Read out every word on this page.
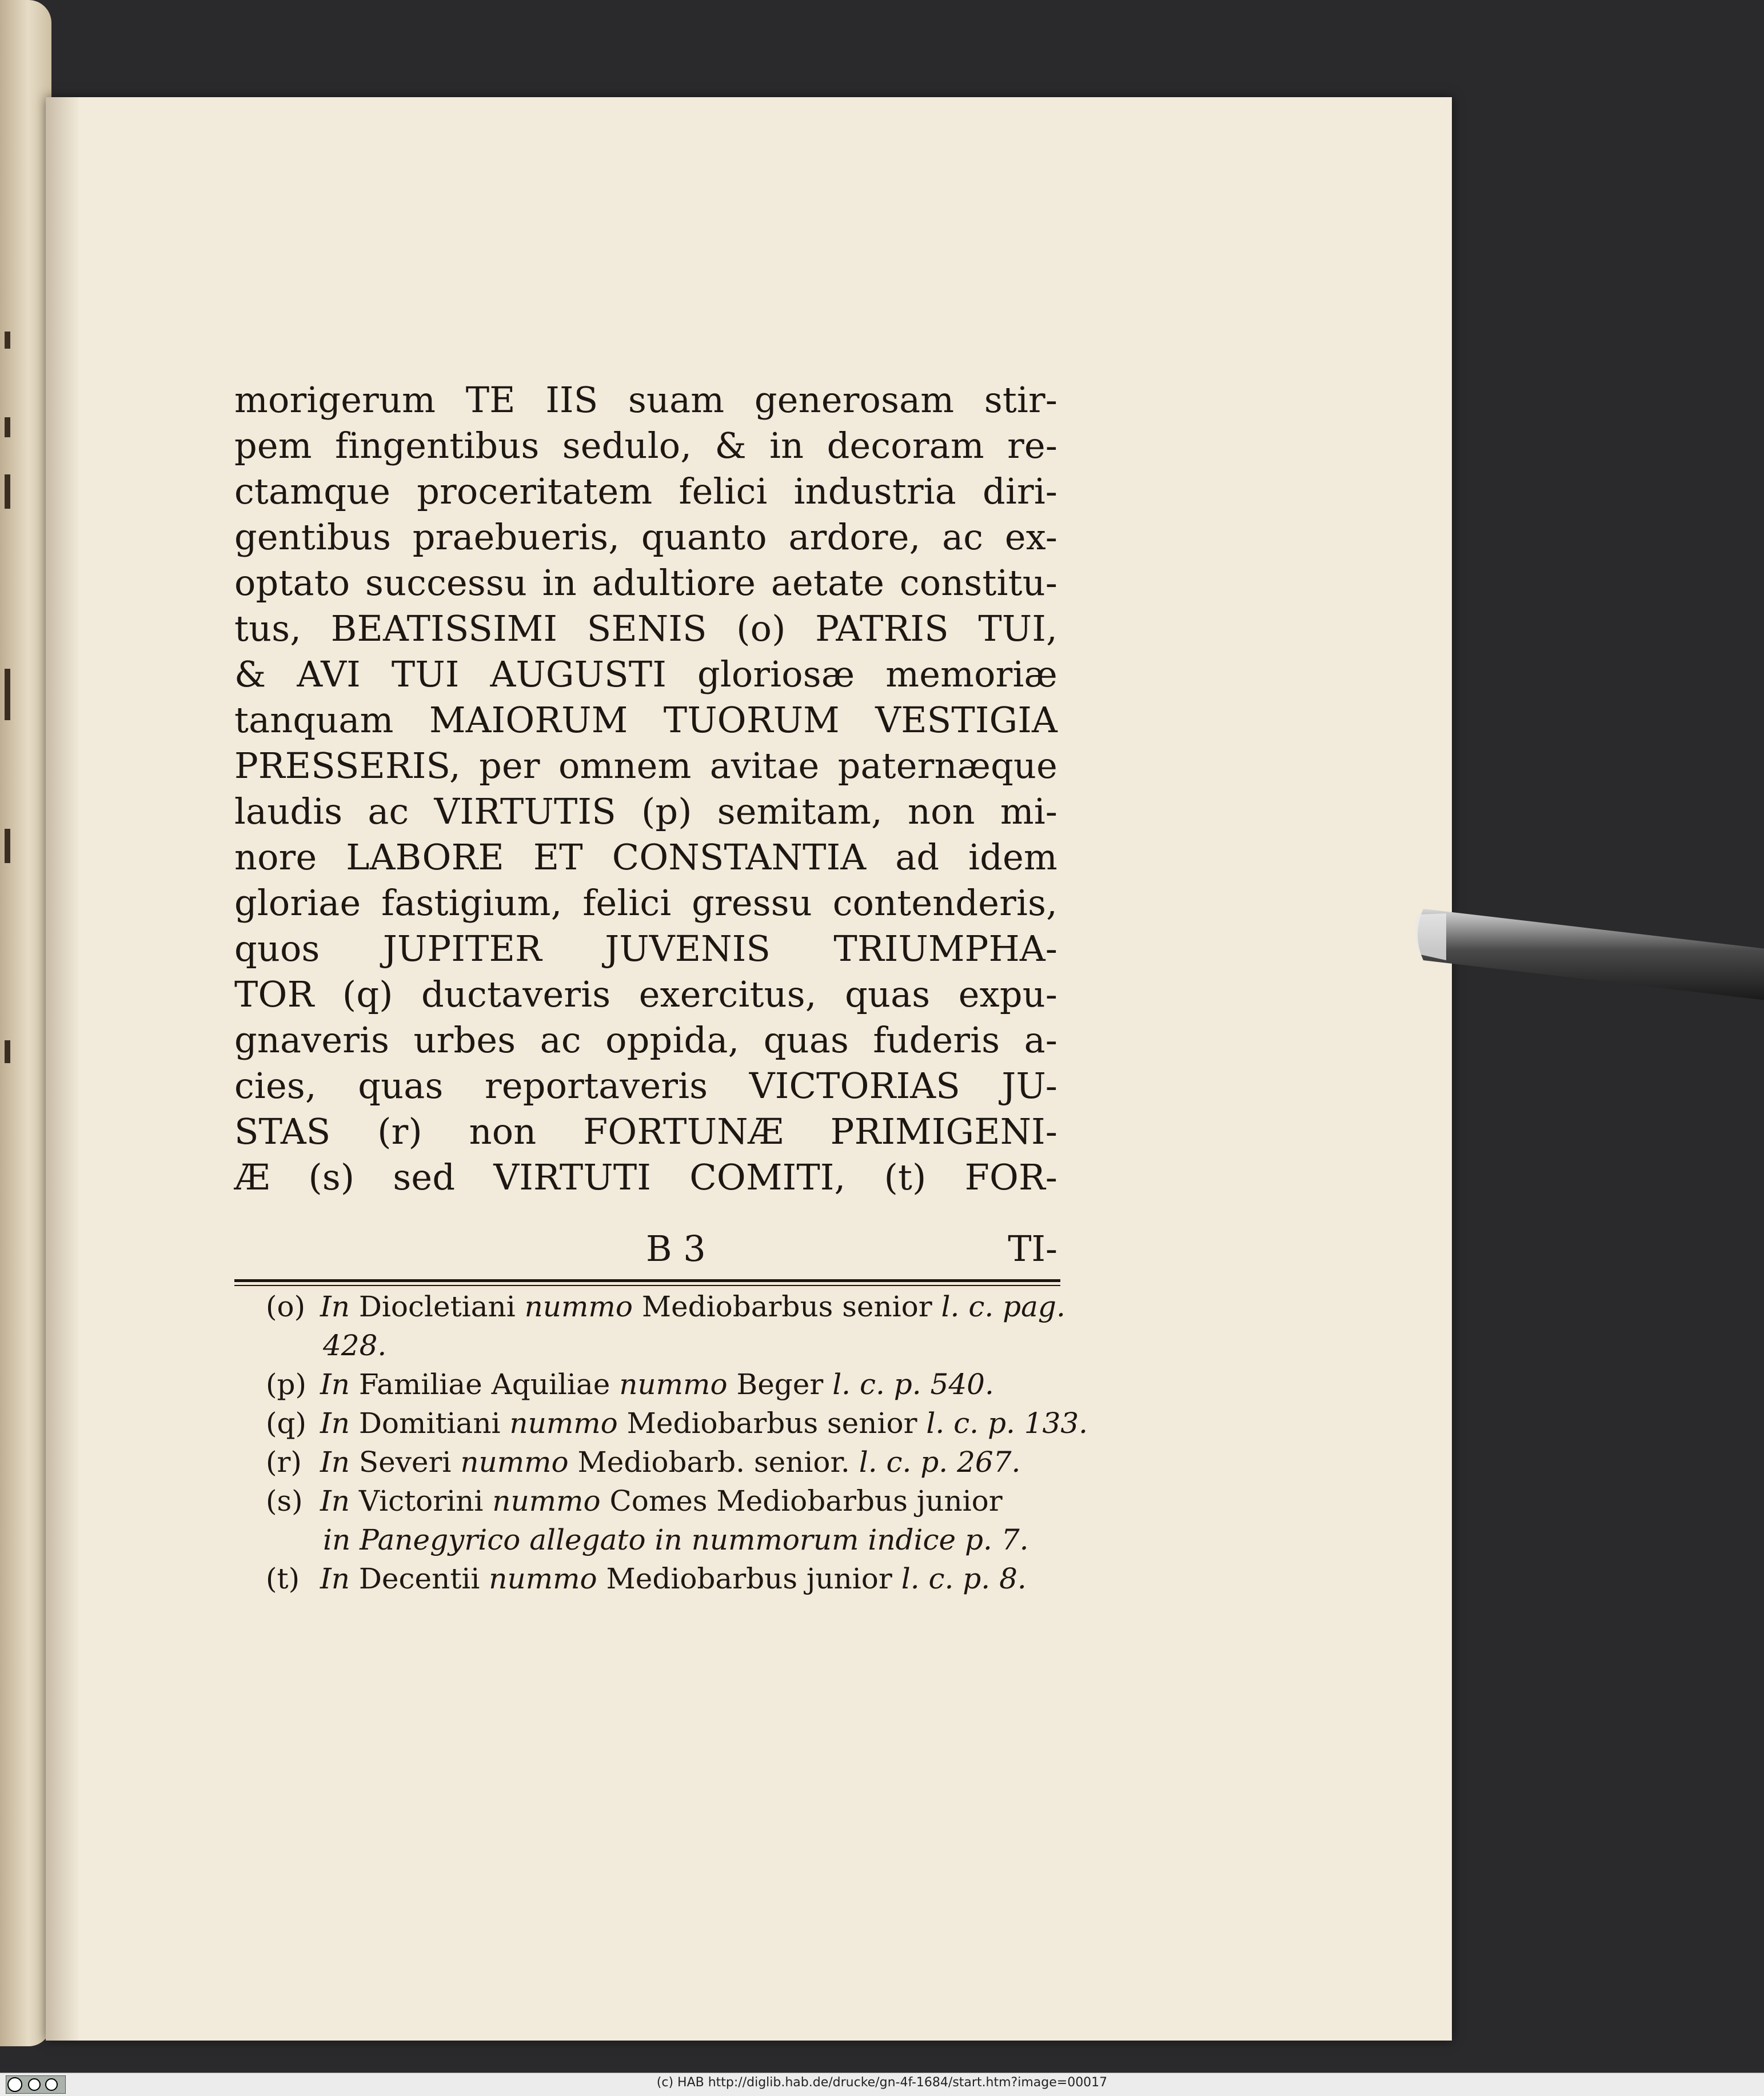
morigerum TE IIS suam generosam stir-
pem fingentibus sedulo, & in decoram re-
ctamque proceritatem felici industria diri-
gentibus praebueris, quanto ardore, ac ex-
optato successu in adultiore aetate constitu-
tus, BEATISSIMI SENIS (o) PATRIS TUI,
& AVI TUI AUGUSTI gloriosæ memoriæ
tanquam MAIORUM TUORUM VESTIGIA
PRESSERIS, per omnem avitae paternæque
laudis ac VIRTUTIS (p) semitam, non mi-
nore LABORE ET CONSTANTIA ad idem
gloriae fastigium, felici gressu contenderis,
quos JUPITER JUVENIS TRIUMPHA-
TOR (q) ductaveris exercitus, quas expu-
gnaveris urbes ac oppida, quas fuderis a-
cies, quas reportaveris VICTORIAS JU-
STAS (r) non FORTUNÆ PRIMIGENI-
Æ (s) sed VIRTUTI COMITI, (t) FOR-
B 3	TI-
(o) In Diocletiani nummo Mediobarbus senior l. c. pag.
428.
(p) In Familiae Aquiliae nummo Beger l. c. p. 540.
(q) In Domitiani nummo Mediobarbus senior l. c. p. 133.
(r) In Severi nummo Mediobarb. senior. l. c. p. 267.
(s) In Victorini nummo Comes Mediobarbus junior
in Panegyrico allegato in nummorum indice p. 7.
(t) In Decentii nummo Mediobarbus junior l. c. p. 8.
(c) HAB http://diglib.hab.de/drucke/gn-4f-1684/start.htm?image=00017
